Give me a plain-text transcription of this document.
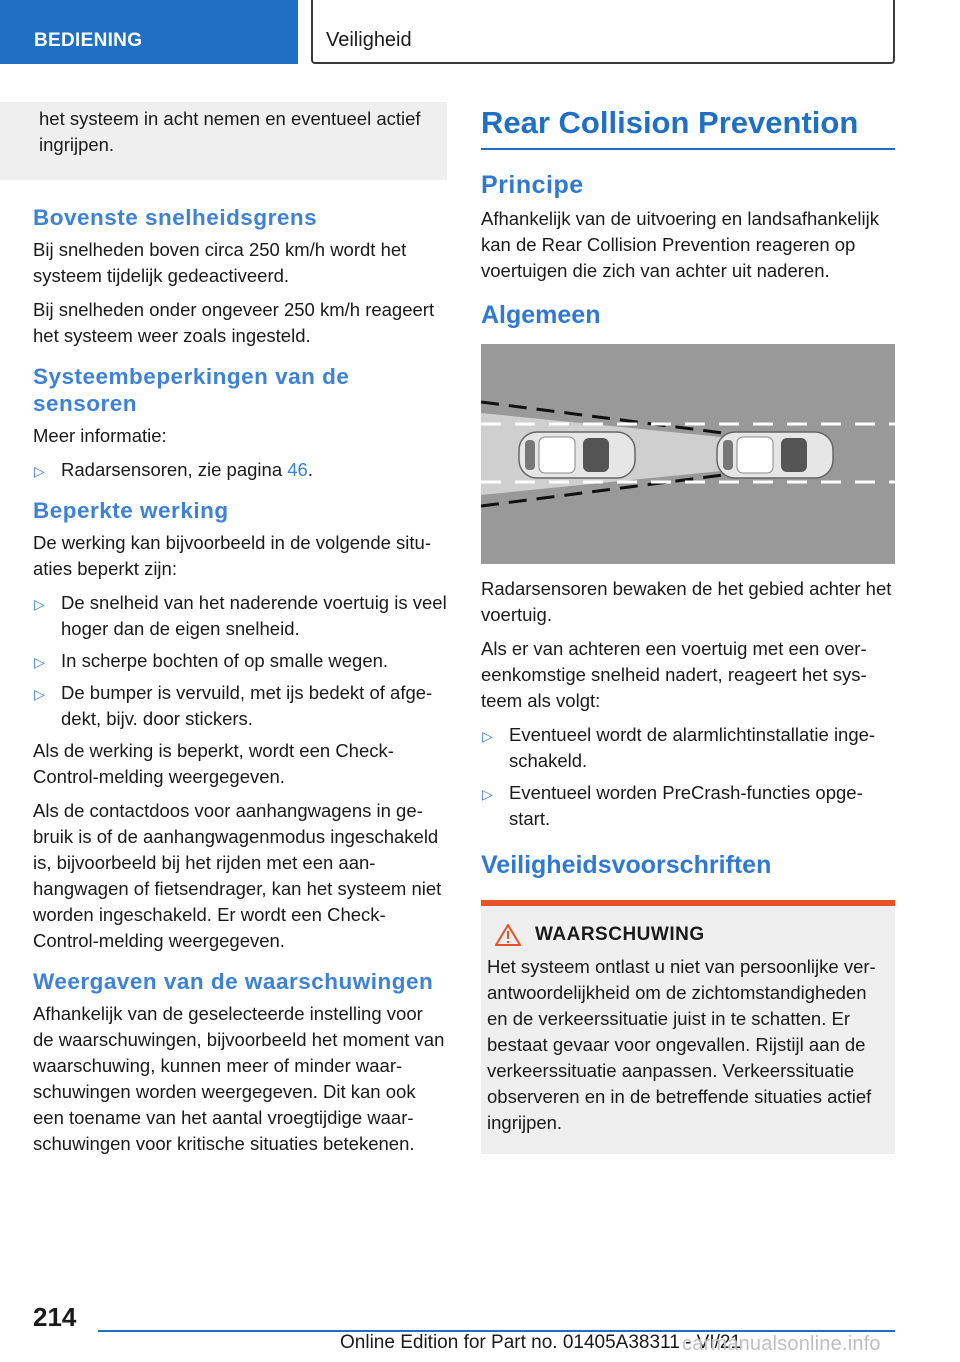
BEDIENING	Veiligheid

het systeem in acht nemen en eventueel actief ingrijpen.

Bovenste snelheidsgrens

Bij snelheden boven circa 250 km/h wordt het systeem tijdelijk gedeactiveerd.

Bij snelheden onder ongeveer 250 km/h reageert het systeem weer zoals ingesteld.

Systeembeperkingen van de sensoren

Meer informatie:

▷ Radarsensoren, zie pagina 46.
Beperkte werking

De werking kan bijvoorbeeld in de volgende situaties beperkt zijn:

▷ De snelheid van het naderende voertuig is veel hoger dan de eigen snelheid.
▷ In scherpe bochten of op smalle wegen.
▷ De bumper is vervuild, met ijs bedekt of afgedekt, bijv. door stickers.

Als de werking is beperkt, wordt een Check-Control-melding weergegeven.

Als de contactdoos voor aanhangwagens in gebruik is of de aanhangwagenmodus ingeschakeld is, bijvoorbeeld bij het rijden met een aanhangwagen of fietsendrager, kan het systeem niet worden ingeschakeld. Er wordt een Check-Control-melding weergegeven.

Weergaven van de waarschuwingen

Afhankelijk van de geselecteerde instelling voor de waarschuwingen, bijvoorbeeld het moment van waarschuwing, kunnen meer of minder waarschuwingen worden weergegeven. Dit kan ook een toename van het aantal vroegtijdige waarschuwingen voor kritische situaties betekenen.

Rear Collision Prevention
Principe

Afhankelijk van de uitvoering en landsafhankelijk kan de Rear Collision Prevention reageren op voertuigen die zich van achter uit naderen.

Algemeen

Radarsensoren bewaken de het gebied achter het voertuig.

Als er van achteren een voertuig met een overeenkomstige snelheid nadert, reageert het systeem als volgt:

▷ Eventueel wordt de alarmlichtinstallatie ingeschakeld.
▷ Eventueel worden PreCrash-functies opgestart.
Veiligheidsvoorschriften
WAARSCHUWING

Het systeem ontlast u niet van persoonlijke verantwoordelijkheid om de zichtomstandigheden en de verkeerssituatie juist in te schatten. Er bestaat gevaar voor ongevallen. Rijstijl aan de verkeerssituatie aanpassen. Verkeerssituatie observeren en in de betreffende situaties actief ingrijpen.

214
Online Edition for Part no. 01405A38311 - VI/21
carmanualsonline.info
